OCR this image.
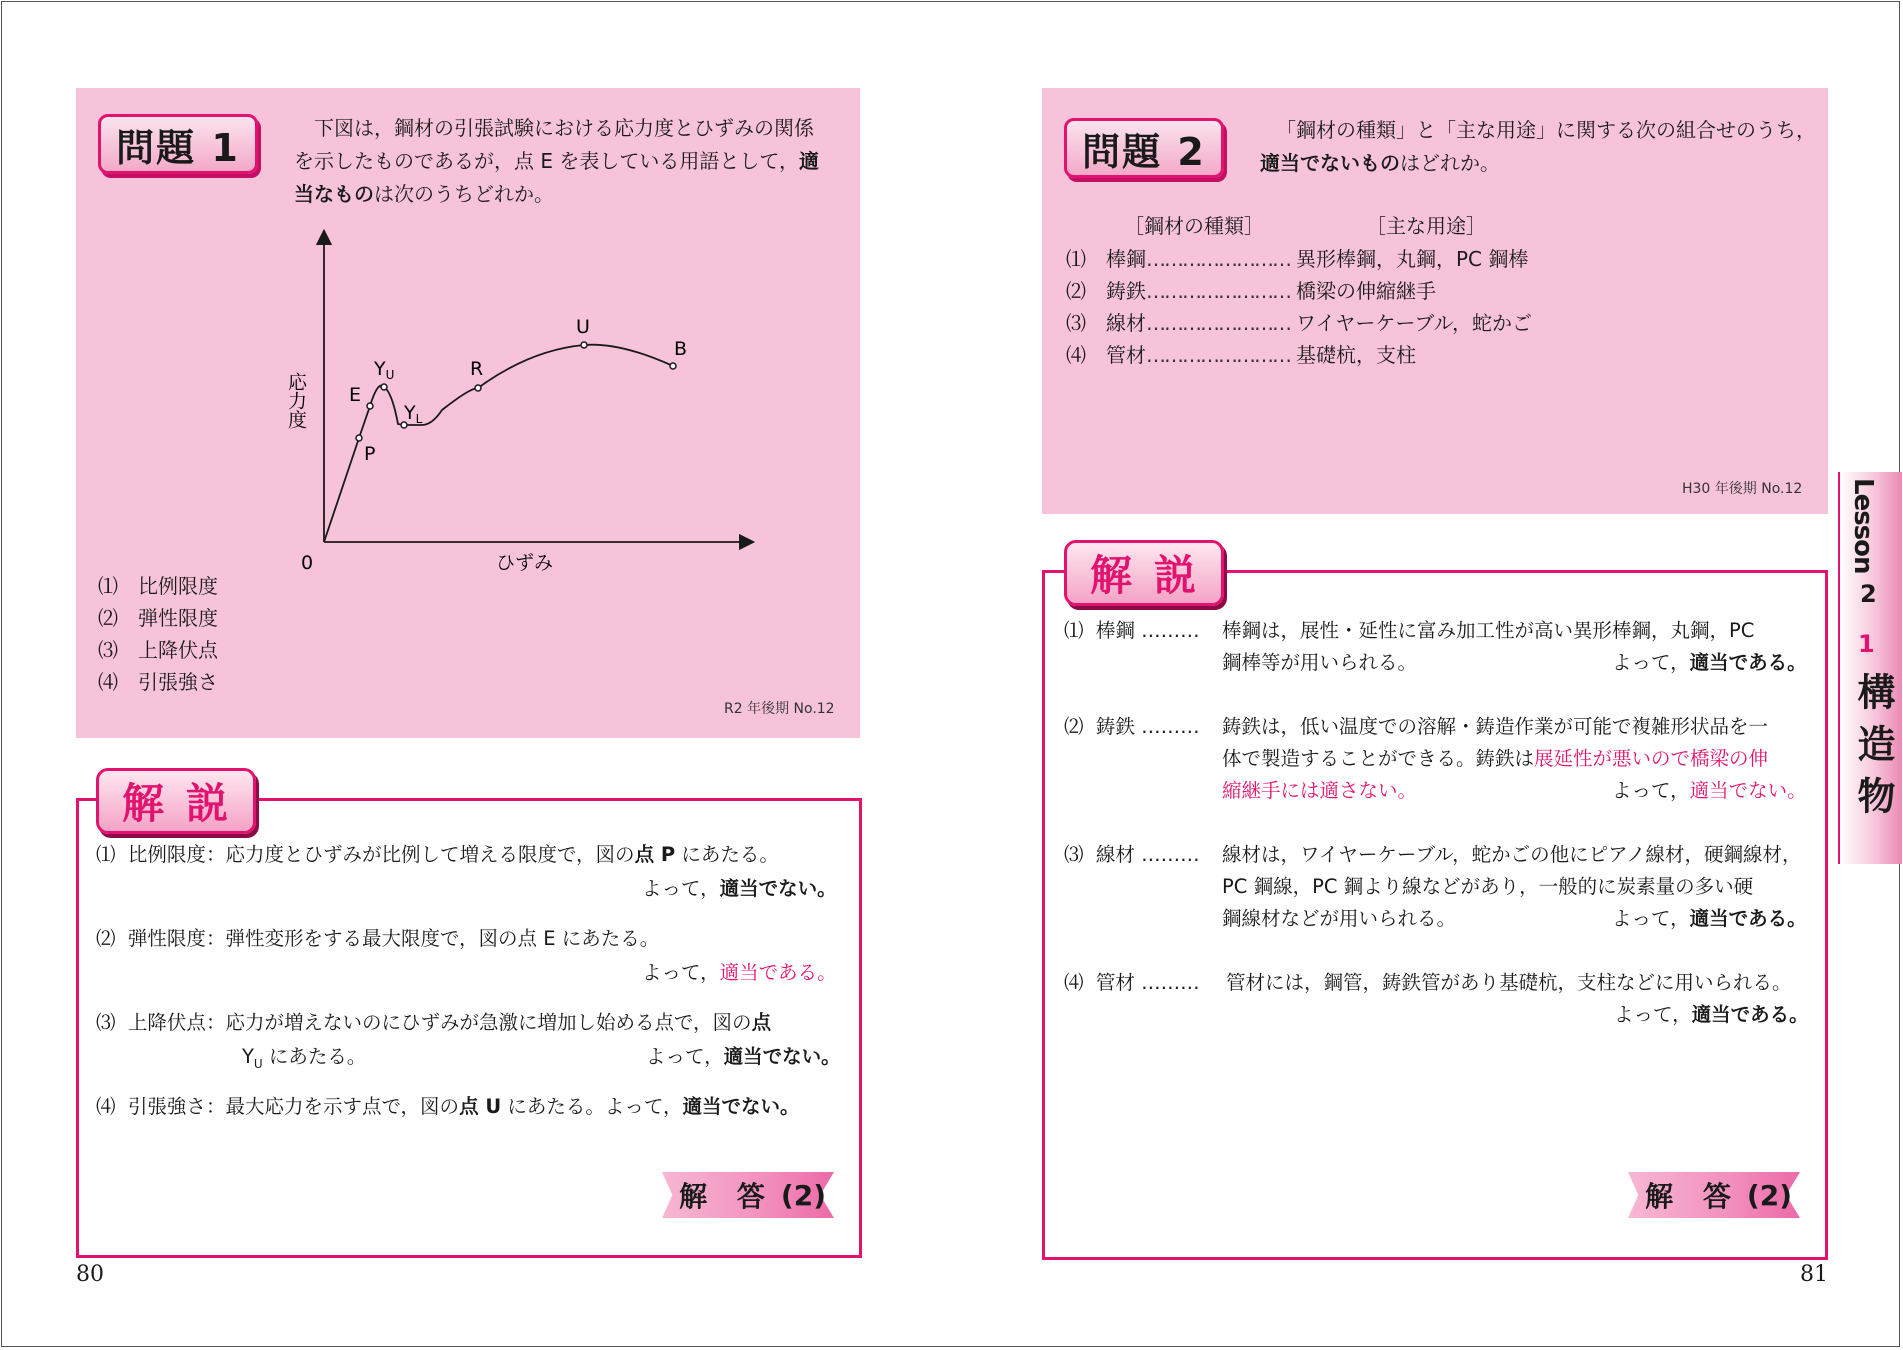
問題 1	下図は，鋼材の引張試験における応力度とひずみの関係
を示したものであるが，点 E を表している用語として，適
当なものは次のうちどれか。
P
E
$Y_U$
$Y_L$
R
U
B
0	ひずみ
応力度
⑴	比例限度
⑵	弾性限度
⑶	上降伏点
⑷	引張強さ
R2 年後期 No.12
解説
⑴ 比例限度：応力度とひずみが比例して増える限度で，図の点 P にあたる。
よって，適当でない。
⑵ 弾性限度：弾性変形をする最大限度で，図の点 E にあたる。
よって，適当である。
⑶ 上降伏点：応力が増えないのにひずみが急激に増加し始める点で，図の点
$Y_U$ にあたる。	よって，適当でない。
⑷ 引張強さ：最大応力を示す点で，図の点 U にあたる。よって，適当でない。
解 答 (2)
80
問題 2	「鋼材の種類」と「主な用途」に関する次の組合せのうち，
適当でないものはどれか。
［鋼材の種類］	［主な用途］
⑴	棒鋼 …………………… 異形棒鋼，丸鋼，PC 鋼棒
⑵	鋳鉄 …………………… 橋梁の伸縮継手
⑶	線材 …………………… ワイヤーケーブル，蛇かご
⑷	管材 …………………… 基礎杭，支柱
H30 年後期 No.12
解説
⑴ 棒鋼 ……… 棒鋼は，展性・延性に富み加工性が高い異形棒鋼，丸鋼，PC
鋼棒等が用いられる。	よって，適当である。
⑵ 鋳鉄 ……… 鋳鉄は，低い温度での溶解・鋳造作業が可能で複雑形状品を一
体で製造することができる。鋳鉄は展延性が悪いので橋梁の伸
縮継手には適さない。	よって，適当でない。
⑶ 線材 ……… 線材は，ワイヤーケーブル，蛇かごの他にピアノ線材，硬鋼線材，
PC 鋼線，PC 鋼より線などがあり，一般的に炭素量の多い硬
鋼線材などが用いられる。	よって，適当である。
⑷ 管材 ……… 管材には，鋼管，鋳鉄管があり基礎杭，支柱などに用いられる。
よって，適当である。
解 答 (2)
81
Lesson
2
1
構造物
